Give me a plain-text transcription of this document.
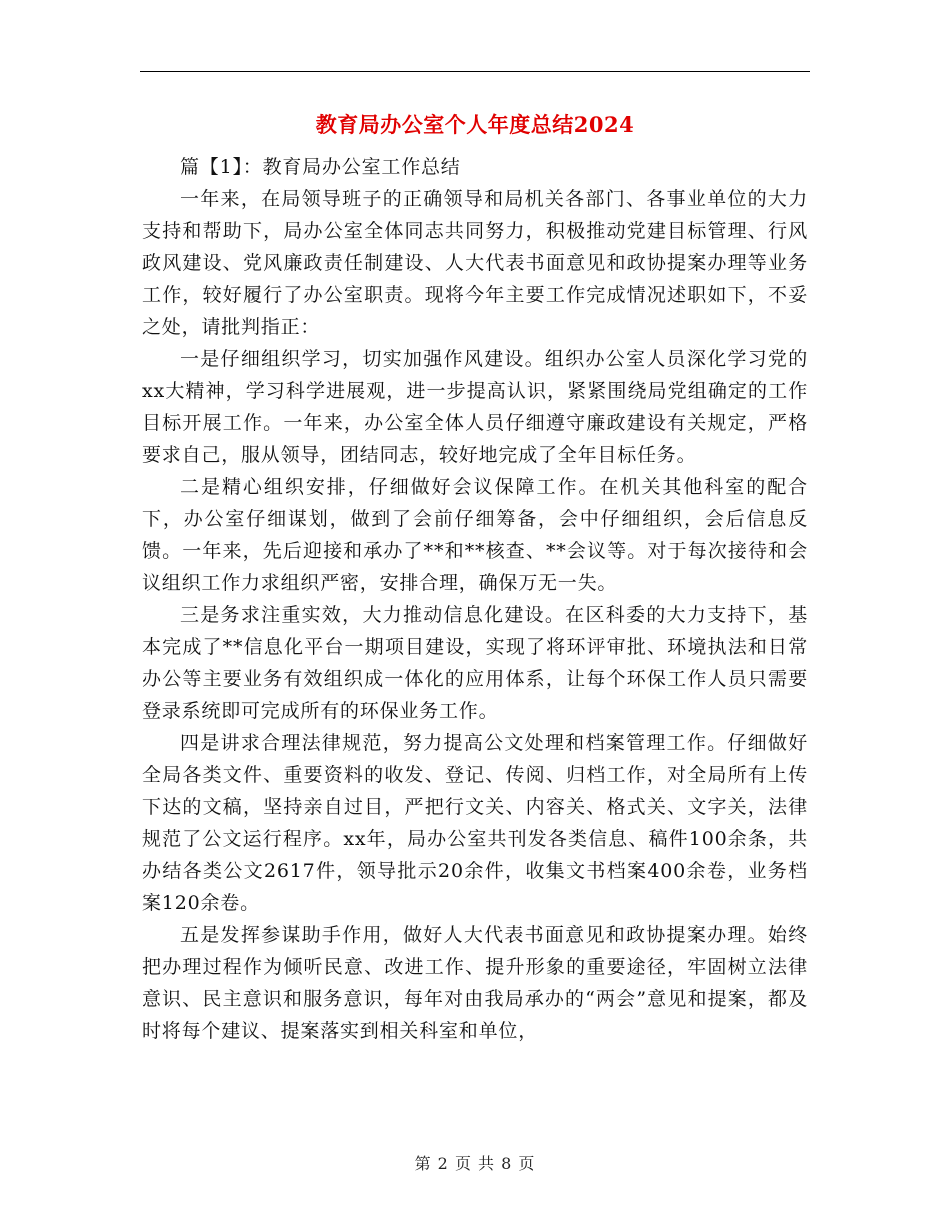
教育局办公室个人年度总结2024

篇【1】：教育局办公室工作总结

一年来，在局领导班子的正确领导和局机关各部门、各事业单位的大力支持和帮助下，局办公室全体同志共同努力，积极推动党建目标管理、行风政风建设、党风廉政责任制建设、人大代表书面意见和政协提案办理等业务工作，较好履行了办公室职责。现将今年主要工作完成情况述职如下，不妥之处，请批判指正：

一是仔细组织学习，切实加强作风建设。组织办公室人员深化学习党的xx大精神，学习科学进展观，进一步提高认识，紧紧围绕局党组确定的工作目标开展工作。一年来，办公室全体人员仔细遵守廉政建设有关规定，严格要求自己，服从领导，团结同志，较好地完成了全年目标任务。

二是精心组织安排，仔细做好会议保障工作。在机关其他科室的配合下，办公室仔细谋划，做到了会前仔细筹备，会中仔细组织，会后信息反馈。一年来，先后迎接和承办了**和**核查、**会议等。对于每次接待和会议组织工作力求组织严密，安排合理，确保万无一失。

三是务求注重实效，大力推动信息化建设。在区科委的大力支持下，基本完成了**信息化平台一期项目建设，实现了将环评审批、环境执法和日常办公等主要业务有效组织成一体化的应用体系，让每个环保工作人员只需要登录系统即可完成所有的环保业务工作。

四是讲求合理法律规范，努力提高公文处理和档案管理工作。仔细做好全局各类文件、重要资料的收发、登记、传阅、归档工作，对全局所有上传下达的文稿，坚持亲自过目，严把行文关、内容关、格式关、文字关，法律规范了公文运行程序。xx年，局办公室共刊发各类信息、稿件100余条，共办结各类公文2617件，领导批示20余件，收集文书档案400余卷，业务档案120余卷。

五是发挥参谋助手作用，做好人大代表书面意见和政协提案办理。始终把办理过程作为倾听民意、改进工作、提升形象的重要途径，牢固树立法律意识、民主意识和服务意识，每年对由我局承办的“两会”意见和提案，都及时将每个建议、提案落实到相关科室和单位，

第 2 页 共 8 页
